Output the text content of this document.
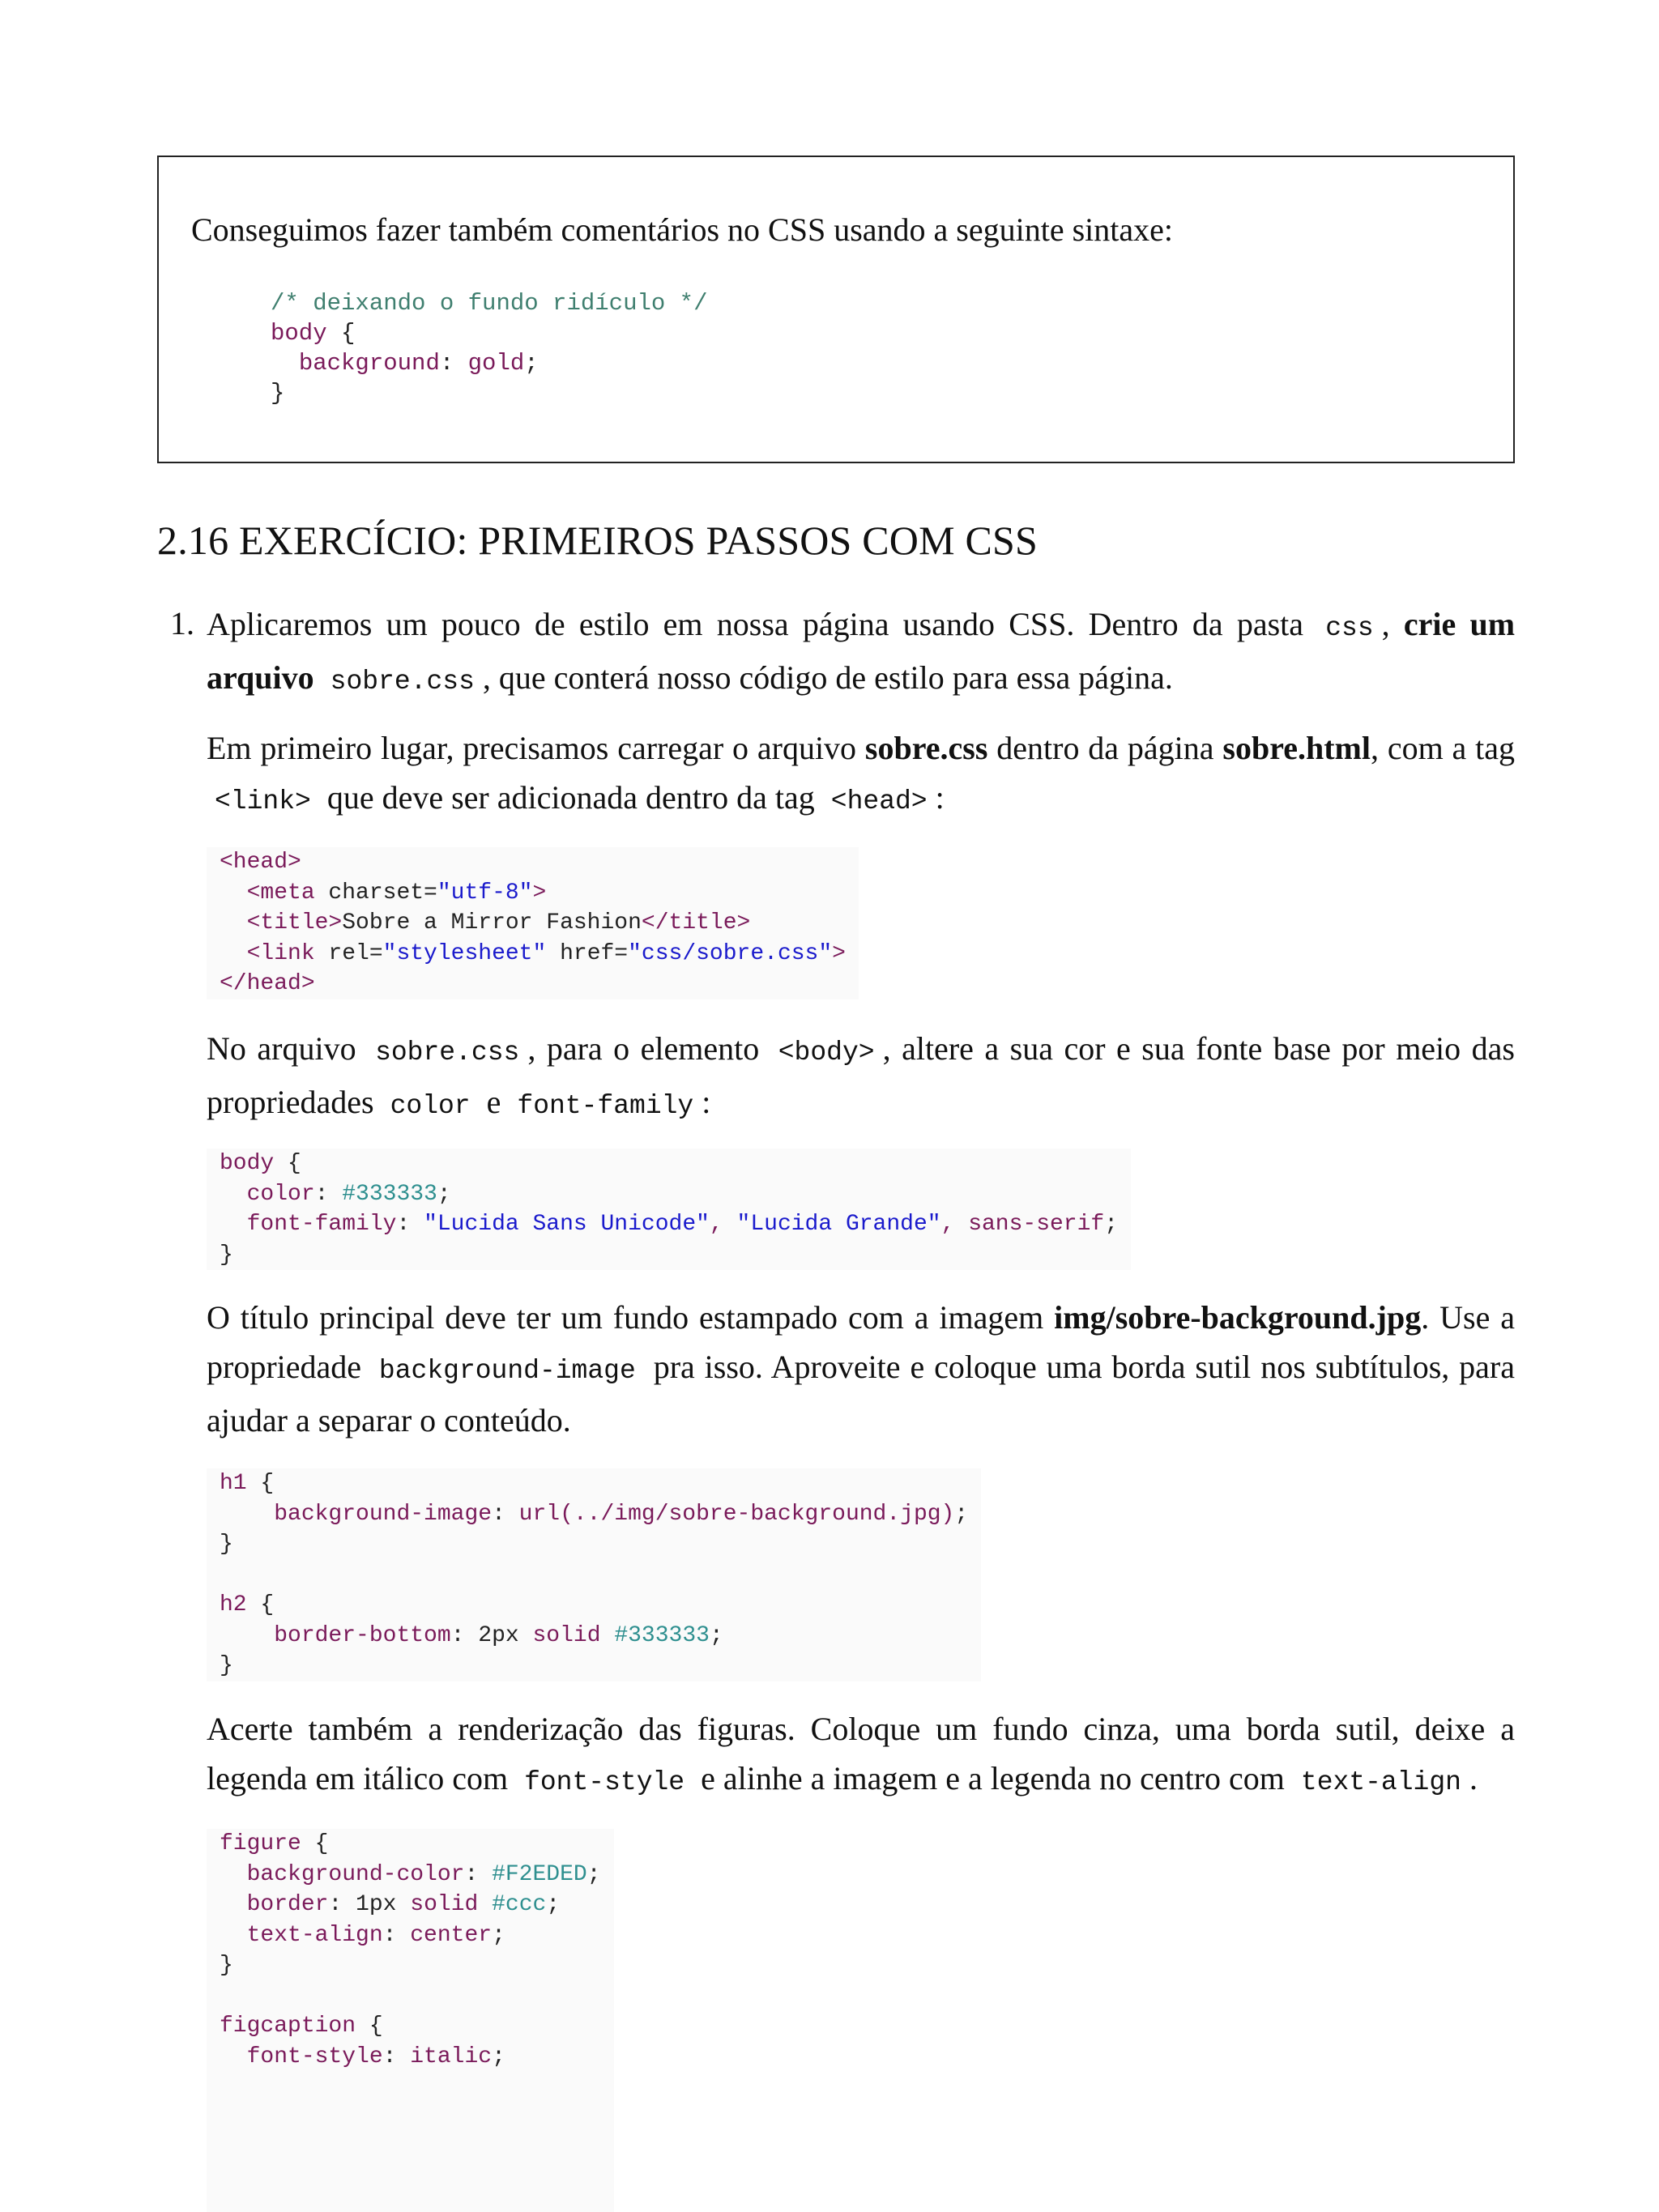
Conseguimos fazer também comentários no CSS usando a seguinte sintaxe:
/* deixando o fundo ridículo */
body {
background: gold;
}
2.16 EXERCÍCIO: PRIMEIROS PASSOS COM CSS
1. Aplicaremos um pouco de estilo em nossa página usando CSS. Dentro da pasta css , crie um arquivo sobre.css , que conterá nosso código de estilo para essa página.

Em primeiro lugar, precisamos carregar o arquivo sobre.css dentro da página sobre.html, com a tag <link> que deve ser adicionada dentro da tag <head> :

<head>
<meta charset="utf-8">
<title>Sobre a Mirror Fashion</title>
<link rel="stylesheet" href="css/sobre.css">
</head>

No arquivo sobre.css , para o elemento <body> , altere a sua cor e sua fonte base por meio das propriedades color e font-family :

body {
color: #333333;
font-family: "Lucida Sans Unicode", "Lucida Grande", sans-serif;
}

O título principal deve ter um fundo estampado com a imagem img/sobre-background.jpg. Use a propriedade background-image pra isso. Aproveite e coloque uma borda sutil nos subtítulos, para ajudar a separar o conteúdo.

h1 {
background-image: url(../img/sobre-background.jpg);
}

h2 {
border-bottom: 2px solid #333333;
}

Acerte também a renderização das figuras. Coloque um fundo cinza, uma borda sutil, deixe a legenda em itálico com font-style e alinhe a imagem e a legenda no centro com text-align .

figure {
background-color: #F2EDED;
border: 1px solid #ccc;
text-align: center;
}

figcaption {
font-style: italic;
